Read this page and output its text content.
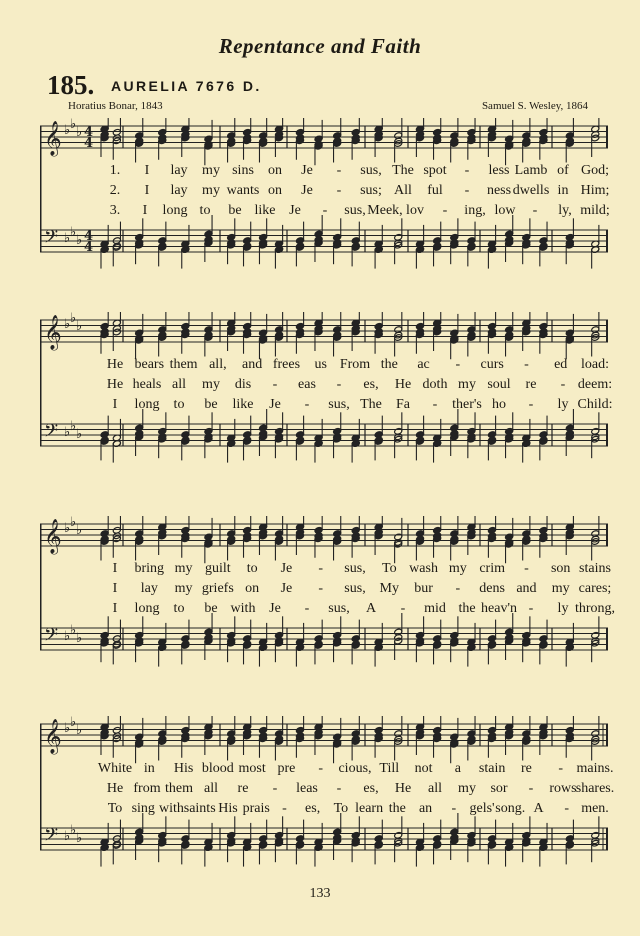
Repentance and Faith
185. AURELIA 7676 D.
Horatius Bonar, 1843	Samuel S. Wesley, 1864
𝄞 ♭ ♭
♭ 4
4
𝄢 ♭ ♭
♭ 4
4
1. I lay my sins on Je - sus, The spot - less Lamb of God;
2. I lay my wants on Je - sus; All ful - ness dwells in Him;
3. I long to be like Je - sus, Meek, lov - ing, low - ly, mild;
𝄞 ♭ ♭
♭
𝄢 ♭ ♭
♭
He bears them all, and frees us From the ac - curs - ed load:
He heals all my dis - eas - es, He doth my soul re - deem:
I long to be like Je - sus, The Fa - ther's ho - ly Child:
𝄞 ♭ ♭
♭
𝄢 ♭ ♭
♭
I bring my guilt to Je - sus, To wash my crim - son stains
I lay my griefs on Je - sus, My bur - dens and my cares;
I long to be with Je - sus, A - mid the heav'n - ly throng,
𝄞 ♭ ♭
♭
𝄢 ♭ ♭
♭
White in His blood most pre - cious, Till not a stain re - mains.
He from them all re - leas - es, He all my sor - rows shares.
To sing with saints His prais - es, To learn the an - gels' song. A - men.
133
